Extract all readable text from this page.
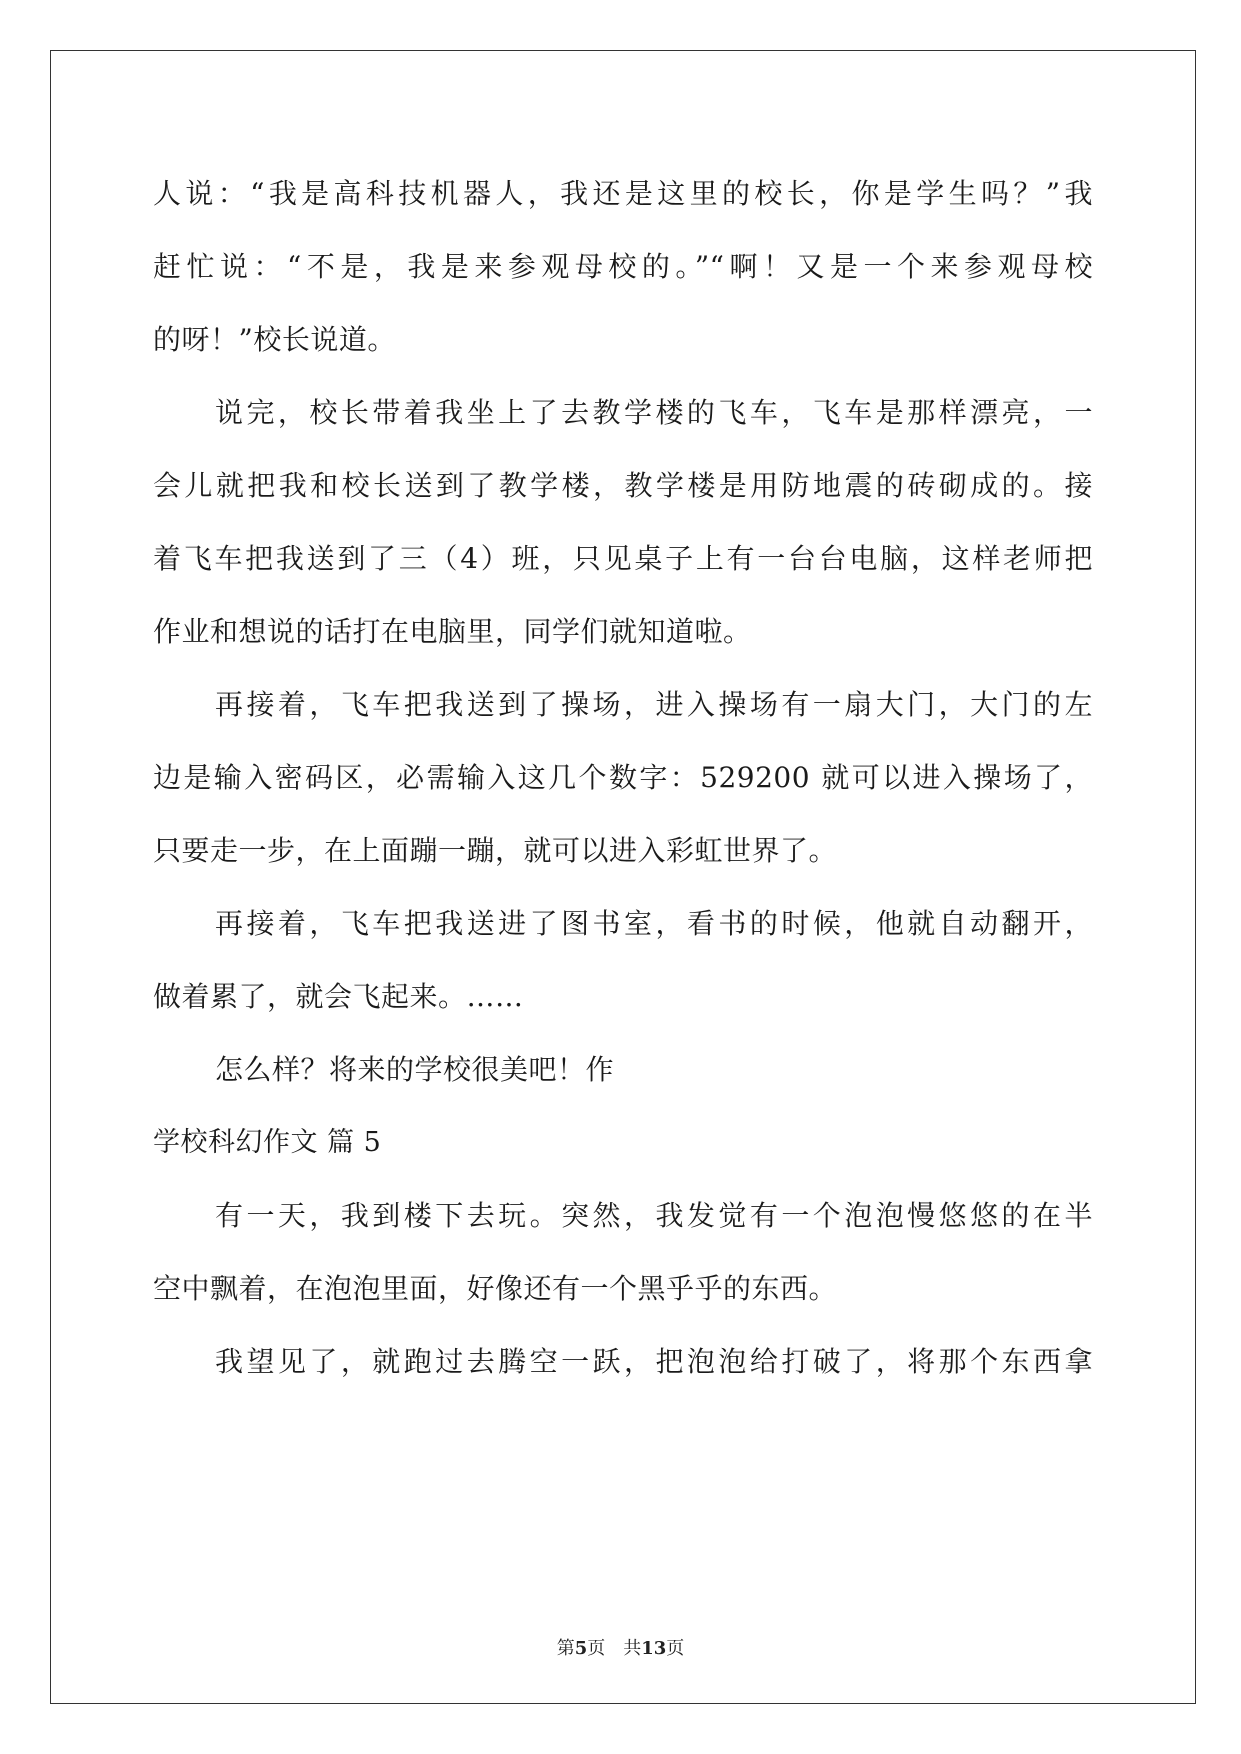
人说：“我是高科技机器人，我还是这里的校长，你是学生吗？”我
赶忙说：“不是，我是来参观母校的。”“啊！又是一个来参观母校
的呀！”校长说道。
说完，校长带着我坐上了去教学楼的飞车，飞车是那样漂亮，一
会儿就把我和校长送到了教学楼，教学楼是用防地震的砖砌成的。接
着飞车把我送到了三（4）班，只见桌子上有一台台电脑，这样老师把
作业和想说的话打在电脑里，同学们就知道啦。
再接着，飞车把我送到了操场，进入操场有一扇大门，大门的左
边是输入密码区，必需输入这几个数字：529200 就可以进入操场了，
只要走一步，在上面蹦一蹦，就可以进入彩虹世界了。
再接着，飞车把我送进了图书室，看书的时候，他就自动翻开，
做着累了，就会飞起来。……
怎么样？将来的学校很美吧！作
学校科幻作文 篇 5
有一天，我到楼下去玩。突然，我发觉有一个泡泡慢悠悠的在半
空中飘着，在泡泡里面，好像还有一个黑乎乎的东西。
我望见了，就跑过去腾空一跃，把泡泡给打破了，将那个东西拿
第5页 共13页
